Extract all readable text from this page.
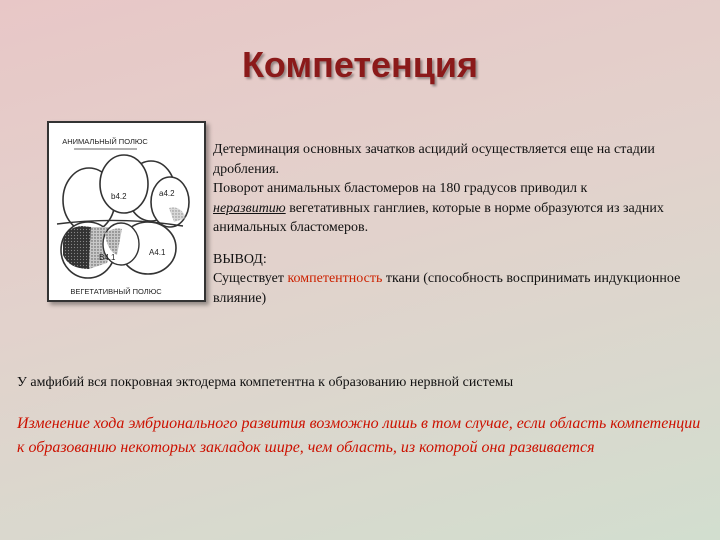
Компетенция
АНИМАЛЬНЫЙ ПОЛЮС
b4.2	a4.2
B4.1
A4.1
ВЕГЕТАТИВНЫЙ ПОЛЮС

Детерминация основных зачатков асцидий осуществляется еще на стадии дробления.

Поворот анимальных бластомеров на 180 градусов приводил к
неразвитию вегетативных ганглиев, которые в норме образуются из задних анимальных бластомеров.

ВЫВОД:

Существует компетентность ткани (способность воспринимать индукционное влияние)

У амфибий вся покровная эктодерма компетентна к образованию нервной системы
Изменение хода эмбрионального развития возможно лишь в том случае, если область компетенции к образованию некоторых закладок шире, чем область, из которой она развивается
